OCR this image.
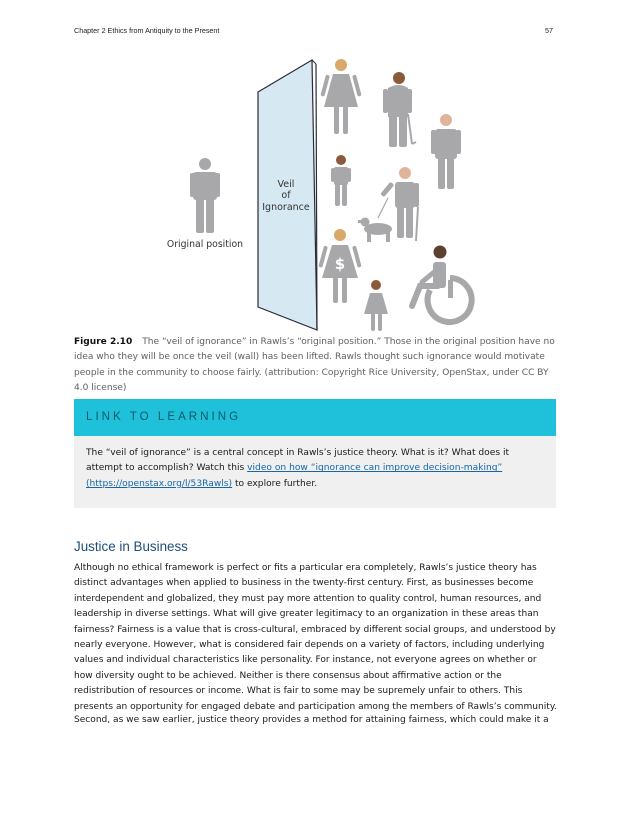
Chapter 2 Ethics from Antiquity to the Present	57
Veil
of
Ignorance
Original position
$
Figure 2.10 The “veil of ignorance” in Rawls’s “original position.” Those in the original position have no idea who they will be once the veil (wall) has been lifted. Rawls thought such ignorance would motivate people in the community to choose fairly. (attribution: Copyright Rice University, OpenStax, under CC BY 4.0 license)
LINK TO LEARNING
The “veil of ignorance” is a central concept in Rawls’s justice theory. What is it? What does it attempt to accomplish? Watch this video on how “ignorance can improve decision-making” (https://openstax.org/l/53Rawls) to explore further.
Justice in Business
Although no ethical framework is perfect or fits a particular era completely, Rawls’s justice theory has distinct advantages when applied to business in the twenty-first century. First, as businesses become interdependent and globalized, they must pay more attention to quality control, human resources, and leadership in diverse settings. What will give greater legitimacy to an organization in these areas than fairness? Fairness is a value that is cross-cultural, embraced by different social groups, and understood by nearly everyone. However, what is considered fair depends on a variety of factors, including underlying values and individual characteristics like personality. For instance, not everyone agrees on whether or how diversity ought to be achieved. Neither is there consensus about affirmative action or the redistribution of resources or income. What is fair to some may be supremely unfair to others. This presents an opportunity for engaged debate and participation among the members of Rawls’s community.
Second, as we saw earlier, justice theory provides a method for attaining fairness, which could make it a
